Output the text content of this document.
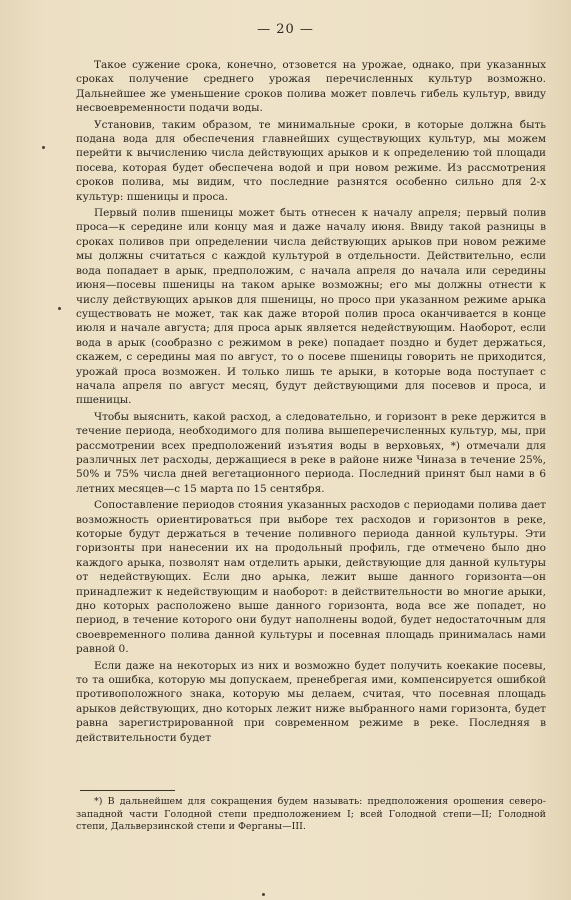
— 20 —

Такое сужение срока, конечно, отзовется на урожае, однако, при указанных сроках получение среднего урожая перечисленных культур возможно. Дальнейшее же уменьшение сроков полива может повлечь гибель культур, ввиду несвоевременности подачи воды.

Установив, таким образом, те минимальные сроки, в которые должна быть подана вода для обеспечения главнейших существующих культур, мы можем перейти к вычислению числа действующих арыков и к определению той площади посева, которая будет обеспечена водой и при новом режиме. Из рассмотрения сроков полива, мы видим, что последние разнятся особенно сильно для 2-х культур: пшеницы и проса.

Первый полив пшеницы может быть отнесен к началу апреля; первый полив проса—к середине или концу мая и даже началу июня. Ввиду такой разницы в сроках поливов при определении числа действующих арыков при новом режиме мы должны считаться с каждой культурой в отдельности. Действительно, если вода попадает в арык, предположим, с начала апреля до начала или середины июня—посевы пшеницы на таком арыке возможны; его мы должны отнести к числу действующих арыков для пшеницы, но просо при указанном режиме арыка существовать не может, так как даже второй полив проса оканчивается в конце июля и начале августа; для проса арык является недействующим. Наоборот, если вода в арык (сообразно с режимом в реке) попадает поздно и будет держаться, скажем, с середины мая по август, то о посеве пшеницы говорить не приходится, урожай проса возможен. И только лишь те арыки, в которые вода поступает с начала апреля по август месяц, будут действующими для посевов и проса, и пшеницы.

Чтобы выяснить, какой расход, а следовательно, и горизонт в реке держится в течение периода, необходимого для полива вышеперечисленных культур, мы, при рассмотрении всех предположений изъятия воды в верховьях, *) отмечали для различных лет расходы, держащиеся в реке в районе ниже Чиназа в течение 25%, 50% и 75% числа дней вегетационного периода. Последний принят был нами в 6 летних месяцев—с 15 марта по 15 сентября.

Сопоставление периодов стояния указанных расходов с периодами полива дает возможность ориентироваться при выборе тех расходов и горизонтов в реке, которые будут держаться в течение поливного периода данной культуры. Эти горизонты при нанесении их на продольный профиль, где отмечено было дно каждого арыка, позволят нам отделить арыки, действующие для данной культуры от недействующих. Если дно арыка, лежит выше данного горизонта—он принадлежит к недействующим и наоборот: в действительности во многие арыки, дно которых расположено выше данного горизонта, вода все же попадет, но период, в течение которого они будут наполнены водой, будет недостаточным для своевременного полива данной культуры и посевная площадь принималась нами равной 0.

Если даже на некоторых из них и возможно будет получить коекакие посевы, то та ошибка, которую мы допускаем, пренебрегая ими, компенсируется ошибкой противоположного знака, которую мы делаем, считая, что посевная площадь арыков действующих, дно которых лежит ниже выбранного нами горизонта, будет равна зарегистрированной при современном режиме в реке. Последняя в действительности будет

*) В дальнейшем для сокращения будем называть: предположения орошения северо-западной части Голодной степи предположением I; всей Голодной степи—II; Голодной степи, Дальверзинской степи и Ферганы—III.
